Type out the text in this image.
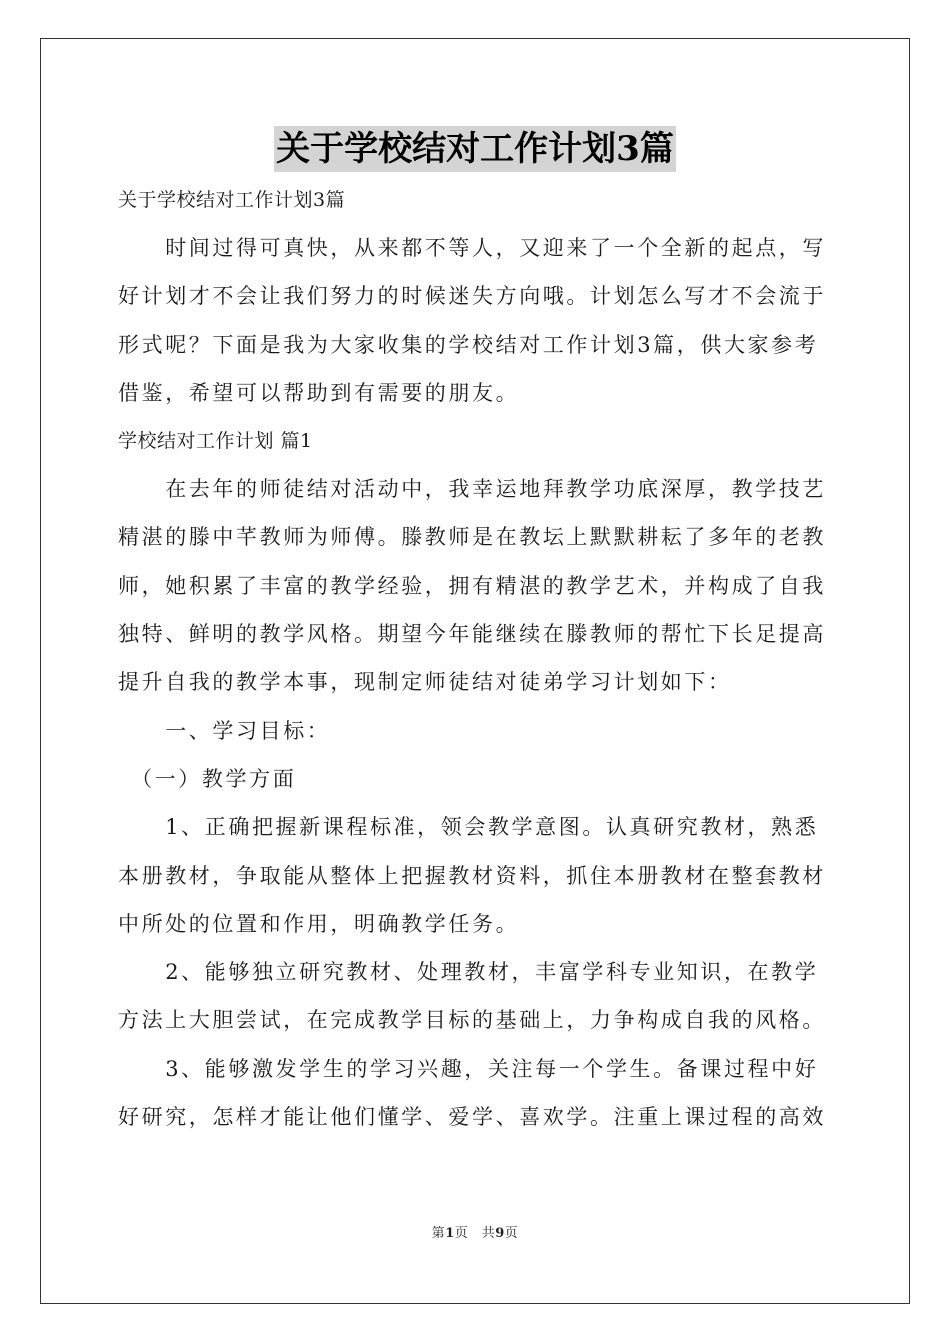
关于学校结对工作计划3篇

关于学校结对工作计划3篇

　　时间过得可真快，从来都不等人，又迎来了一个全新的起点，写

好计划才不会让我们努力的时候迷失方向哦。计划怎么写才不会流于

形式呢？下面是我为大家收集的学校结对工作计划3篇，供大家参考

借鉴，希望可以帮助到有需要的朋友。

学校结对工作计划 篇1

　　在去年的师徒结对活动中，我幸运地拜教学功底深厚，教学技艺

精湛的滕中芊教师为师傅。滕教师是在教坛上默默耕耘了多年的老教

师，她积累了丰富的教学经验，拥有精湛的教学艺术，并构成了自我

独特、鲜明的教学风格。期望今年能继续在滕教师的帮忙下长足提高

提升自我的教学本事，现制定师徒结对徒弟学习计划如下：

　　一、学习目标：

　（一）教学方面

　　1、正确把握新课程标准，领会教学意图。认真研究教材，熟悉

本册教材，争取能从整体上把握教材资料，抓住本册教材在整套教材

中所处的位置和作用，明确教学任务。

　　2、能够独立研究教材、处理教材，丰富学科专业知识，在教学

方法上大胆尝试，在完成教学目标的基础上，力争构成自我的风格。

　　3、能够激发学生的学习兴趣，关注每一个学生。备课过程中好

好研究，怎样才能让他们懂学、爱学、喜欢学。注重上课过程的高效

第1页　共9页
